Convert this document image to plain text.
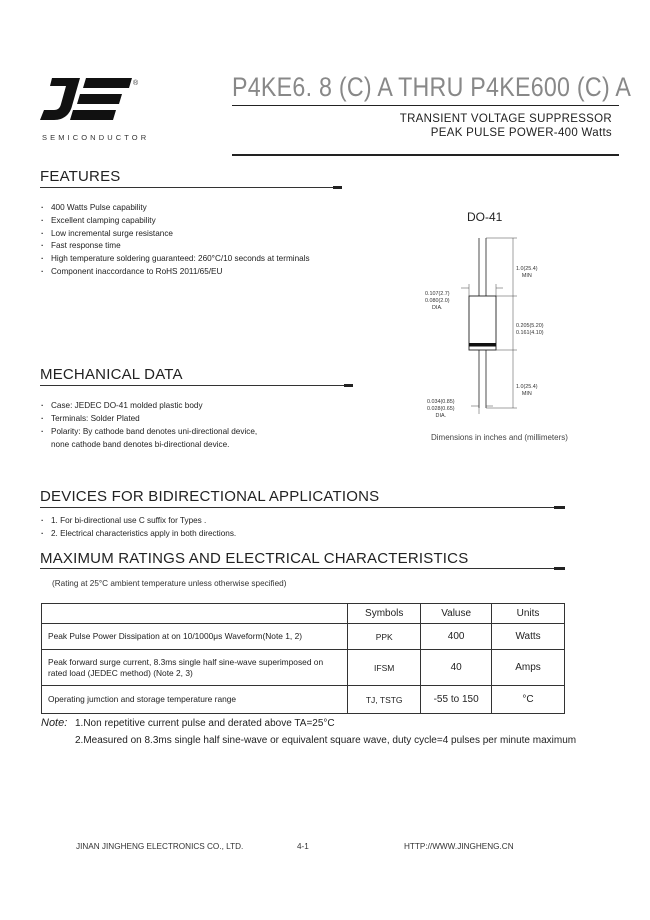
®
SEMICONDUCTOR
P4KE6. 8 (C) A THRU P4KE600 (C) A
TRANSIENT VOLTAGE SUPPRESSOR
PEAK PULSE POWER-400 Watts
FEATURES
· 400 Watts Pulse capability
· Excellent clamping capability
· Low incremental surge resistance
· Fast response time
· High temperature soldering guaranteed: 260°C/10 seconds at terminals
· Component inaccordance to RoHS 2011/65/EU
DO-41
1.0(25.4)
MIN
0.107(2.7)
0.080(2.0)
DIA.
0.205(5.20)
0.161(4.10)
1.0(25.4)
MIN
0.034(0.85)
0.028(0.65)
DIA.
Dimensions in inches and (millimeters)
MECHANICAL DATA
· Case: JEDEC DO-41 molded plastic body
· Terminals: Solder Plated
· Polarity: By cathode band denotes uni-directional device,
none cathode band denotes bi-directional device.
DEVICES FOR BIDIRECTIONAL APPLICATIONS
· 1. For bi-directional use C suffix for Types .
· 2. Electrical characteristics apply in both directions.
MAXIMUM RATINGS AND ELECTRICAL CHARACTERISTICS
(Rating at 25°C ambient temperature unless otherwise specified)
	Symbols	Valuse	Units
Peak Pulse Power Dissipation at on 10/1000μs Waveform(Note 1, 2)	PPK	400	Watts
Peak forward surge current, 8.3ms single half sine-wave superimposed on rated load (JEDEC method) (Note 2, 3)	IFSM	40	Amps
Operating jumction and storage temperature range	TJ, TSTG	-55 to 150	°C
Note: 1.Non repetitive current pulse and derated above TA=25°C
2.Measured on 8.3ms single half sine-wave or equivalent square wave, duty cycle=4 pulses per minute maximum
JINAN JINGHENG ELECTRONICS CO., LTD.	4-1	HTTP://WWW.JINGHENG.CN
